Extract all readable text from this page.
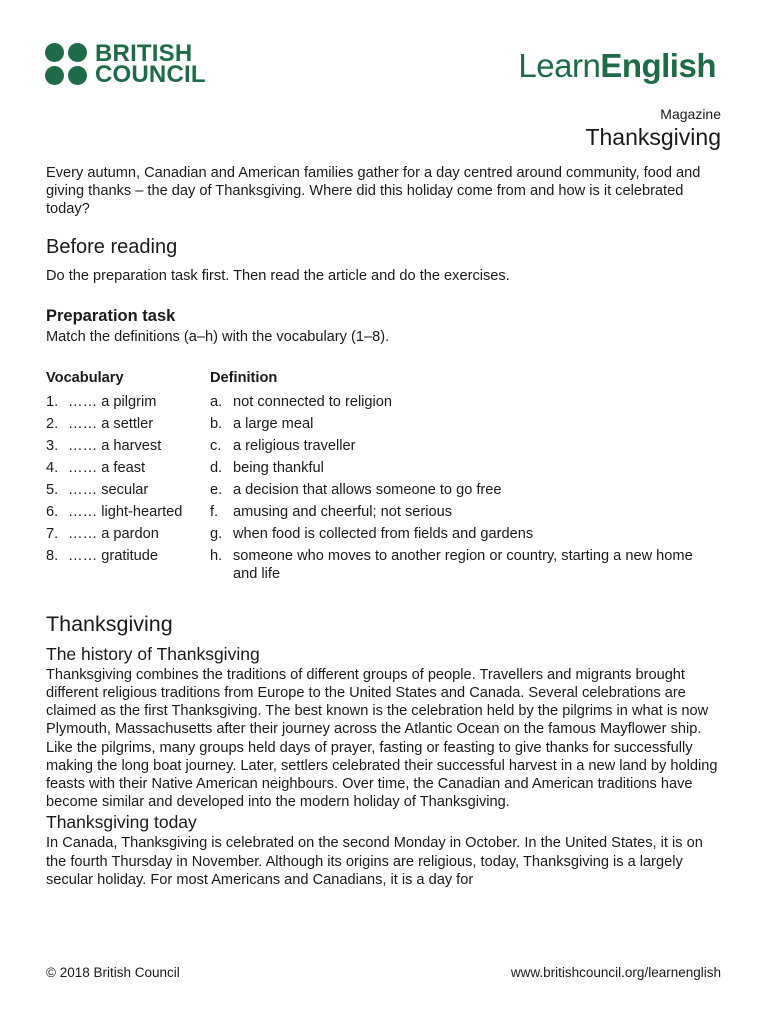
BRITISH
COUNCIL	LearnEnglish
Magazine
Thanksgiving

Every autumn, Canadian and American families gather for a day centred around community, food and giving thanks – the day of Thanksgiving. Where did this holiday come from and how is it celebrated today?

Before reading

Do the preparation task first. Then read the article and do the exercises.

Preparation task

Match the definitions (a–h) with the vocabulary (1–8).

Vocabulary	Definition
1. …… a pilgrim	a. not connected to religion
2. …… a settler	b. a large meal
3. …… a harvest	c. a religious traveller
4. …… a feast	d. being thankful
5. …… secular	e. a decision that allows someone to go free
6. …… light-hearted	f.	amusing and cheerful; not serious
7. …… a pardon	g. when food is collected from fields and gardens
8. …… gratitude	h. someone who moves to another region or country, starting a new home and life
Thanksgiving
The history of Thanksgiving

Thanksgiving combines the traditions of different groups of people. Travellers and migrants brought different religious traditions from Europe to the United States and Canada. Several celebrations are claimed as the first Thanksgiving. The best known is the celebration held by the pilgrims in what is now Plymouth, Massachusetts after their journey across the Atlantic Ocean on the famous Mayflower ship. Like the pilgrims, many groups held days of prayer, fasting or feasting to give thanks for successfully making the long boat journey. Later, settlers celebrated their successful harvest in a new land by holding feasts with their Native American neighbours. Over time, the Canadian and American traditions have become similar and developed into the modern holiday of Thanksgiving.

Thanksgiving today

In Canada, Thanksgiving is celebrated on the second Monday in October. In the United States, it is on the fourth Thursday in November. Although its origins are religious, today, Thanksgiving is a largely secular holiday. For most Americans and Canadians, it is a day for

© 2018 British Council	www.britishcouncil.org/learnenglish
